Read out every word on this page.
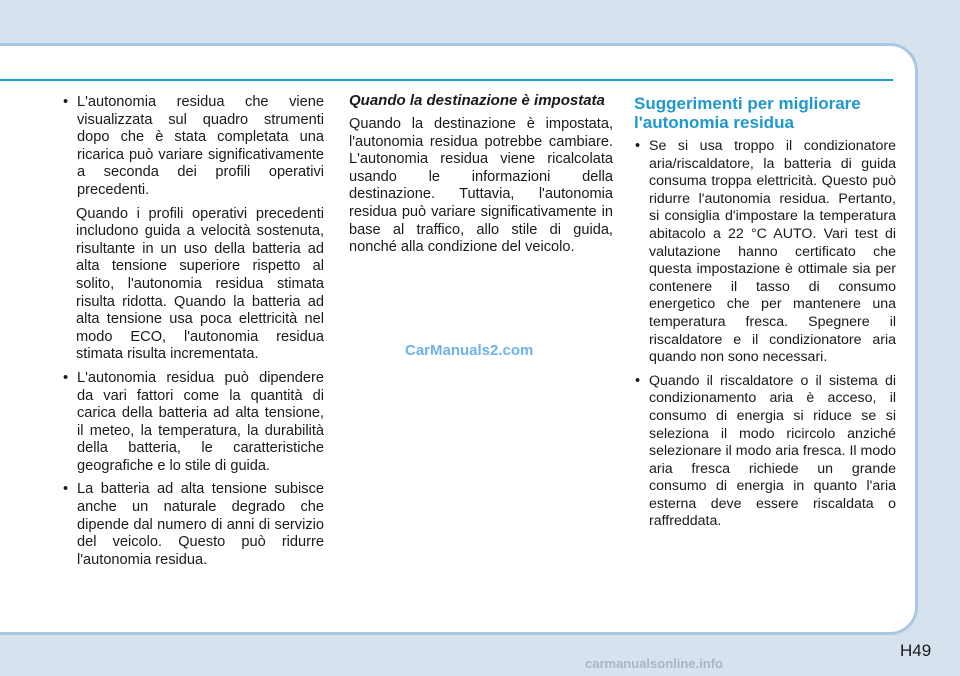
• L'autonomia residua che viene visualizzata sul quadro strumenti dopo che è stata completata una ricarica può variare significativamente a seconda dei profili operativi precedenti.

Quando i profili operativi precedenti includono guida a velocità sostenuta, risultante in un uso della batteria ad alta tensione superiore rispetto al solito, l'autonomia residua stimata risulta ridotta. Quando la batteria ad alta tensione usa poca elettricità nel modo ECO, l'autonomia residua stimata risulta incrementata.

• L'autonomia residua può dipendere da vari fattori come la quantità di carica della batteria ad alta tensione, il meteo, la temperatura, la durabilità della batteria, le caratteristiche geografiche e lo stile di guida.

• La batteria ad alta tensione subisce anche un naturale degrado che dipende dal numero di anni di servizio del veicolo. Questo può ridurre l'autonomia residua.

Quando la destinazione è impostata

Quando la destinazione è impostata, l'autonomia residua potrebbe cambiare. L'autonomia residua viene ricalcolata usando le informazioni della destinazione. Tuttavia, l'autonomia residua può variare significativamente in base al traffico, allo stile di guida, nonché alla condizione del veicolo.

Suggerimenti per migliorare l'autonomia residua
• Se si usa troppo il condizionatore aria/riscaldatore, la batteria di guida consuma troppa elettricità. Questo può ridurre l'autonomia residua. Pertanto, si consiglia d'impostare la temperatura abitacolo a 22 °C AUTO. Vari test di valutazione hanno certificato che questa impostazione è ottimale sia per contenere il tasso di consumo energetico che per mantenere una temperatura fresca. Spegnere il riscaldatore e il condizionatore aria quando non sono necessari.

• Quando il riscaldatore o il sistema di condizionamento aria è acceso, il consumo di energia si riduce se si seleziona il modo ricircolo anziché selezionare il modo aria fresca. Il modo aria fresca richiede un grande consumo di energia in quanto l'aria esterna deve essere riscaldata o raffreddata.

CarManuals2.com
H49
carmanualsonline.info
